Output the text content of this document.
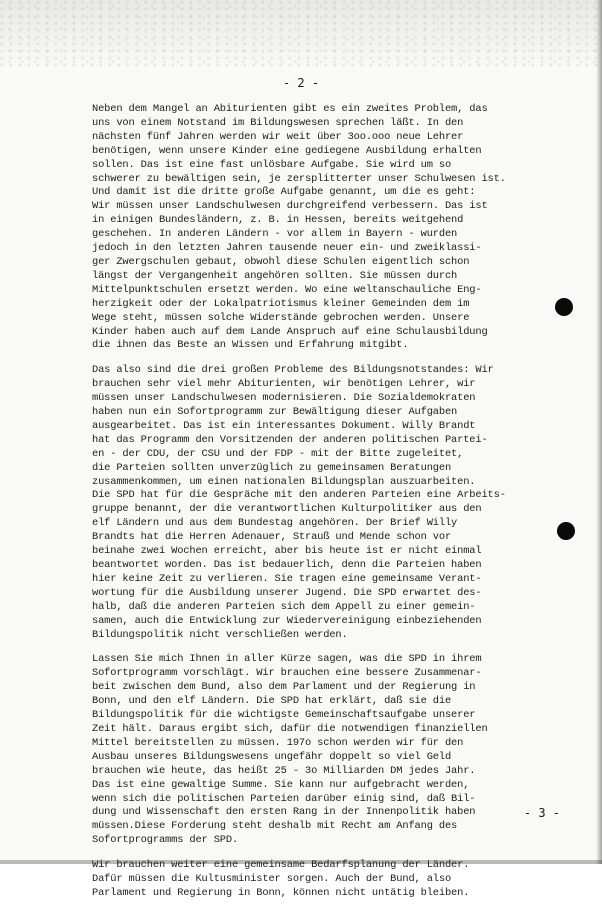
- 2 -

Neben dem Mangel an Abiturienten gibt es ein zweites Problem, das
uns von einem Notstand im Bildungswesen sprechen läßt. In den
nächsten fünf Jahren werden wir weit über 3oo.ooo neue Lehrer
benötigen, wenn unsere Kinder eine gediegene Ausbildung erhalten
sollen. Das ist eine fast unlösbare Aufgabe. Sie wird um so
schwerer zu bewältigen sein, je zersplitterter unser Schulwesen ist.
Und damit ist die dritte große Aufgabe genannt, um die es geht:
Wir müssen unser Landschulwesen durchgreifend verbessern. Das ist
in einigen Bundesländern, z. B. in Hessen, bereits weitgehend
geschehen. In anderen Ländern - vor allem in Bayern - wurden
jedoch in den letzten Jahren tausende neuer ein- und zweiklassi-
ger Zwergschulen gebaut, obwohl diese Schulen eigentlich schon
längst der Vergangenheit angehören sollten. Sie müssen durch
Mittelpunktschulen ersetzt werden. Wo eine weltanschauliche Eng-
herzigkeit oder der Lokalpatriotismus kleiner Gemeinden dem im
Wege steht, müssen solche Widerstände gebrochen werden. Unsere
Kinder haben auch auf dem Lande Anspruch auf eine Schulausbildung
die ihnen das Beste an Wissen und Erfahrung mitgibt.

Das also sind die drei großen Probleme des Bildungsnotstandes: Wir
brauchen sehr viel mehr Abiturienten, wir benötigen Lehrer, wir
müssen unser Landschulwesen modernisieren. Die Sozialdemokraten
haben nun ein Sofortprogramm zur Bewältigung dieser Aufgaben
ausgearbeitet. Das ist ein interessantes Dokument. Willy Brandt
hat das Programm den Vorsitzenden der anderen politischen Partei-
en - der CDU, der CSU und der FDP - mit der Bitte zugeleitet,
die Parteien sollten unverzüglich zu gemeinsamen Beratungen
zusammenkommen, um einen nationalen Bildungsplan auszuarbeiten.
Die SPD hat für die Gespräche mit den anderen Parteien eine Arbeits-
gruppe benannt, der die verantwortlichen Kulturpolitiker aus den
elf Ländern und aus dem Bundestag angehören. Der Brief Willy
Brandts hat die Herren Adenauer, Strauß und Mende schon vor
beinahe zwei Wochen erreicht, aber bis heute ist er nicht einmal
beantwortet worden. Das ist bedauerlich, denn die Parteien haben
hier keine Zeit zu verlieren. Sie tragen eine gemeinsame Verant-
wortung für die Ausbildung unserer Jugend. Die SPD erwartet des-
halb, daß die anderen Parteien sich dem Appell zu einer gemein-
samen, auch die Entwicklung zur Wiedervereinigung einbeziehenden
Bildungspolitik nicht verschließen werden.

Lassen Sie mich Ihnen in aller Kürze sagen, was die SPD in ihrem
Sofortprogramm vorschlägt. Wir brauchen eine bessere Zusammenar-
beit zwischen dem Bund, also dem Parlament und der Regierung in
Bonn, und den elf Ländern. Die SPD hat erklärt, daß sie die
Bildungspolitik für die wichtigste Gemeinschaftsaufgabe unserer
Zeit hält. Daraus ergibt sich, dafür die notwendigen finanziellen
Mittel bereitstellen zu müssen. 197o schon werden wir für den
Ausbau unseres Bildungswesens ungefähr doppelt so viel Geld
brauchen wie heute, das heißt 25 - 3o Milliarden DM jedes Jahr.
Das ist eine gewaltige Summe. Sie kann nur aufgebracht werden,
wenn sich die politischen Parteien darüber einig sind, daß Bil-
dung und Wissenschaft den ersten Rang in der Innenpolitik haben
müssen.Diese Forderung steht deshalb mit Recht am Anfang des
Sofortprogramms der SPD.

Wir brauchen weiter eine gemeinsame Bedarfsplanung der Länder.
Dafür müssen die Kultusminister sorgen. Auch der Bund, also
Parlament und Regierung in Bonn, können nicht untätig bleiben.

- 3 -
